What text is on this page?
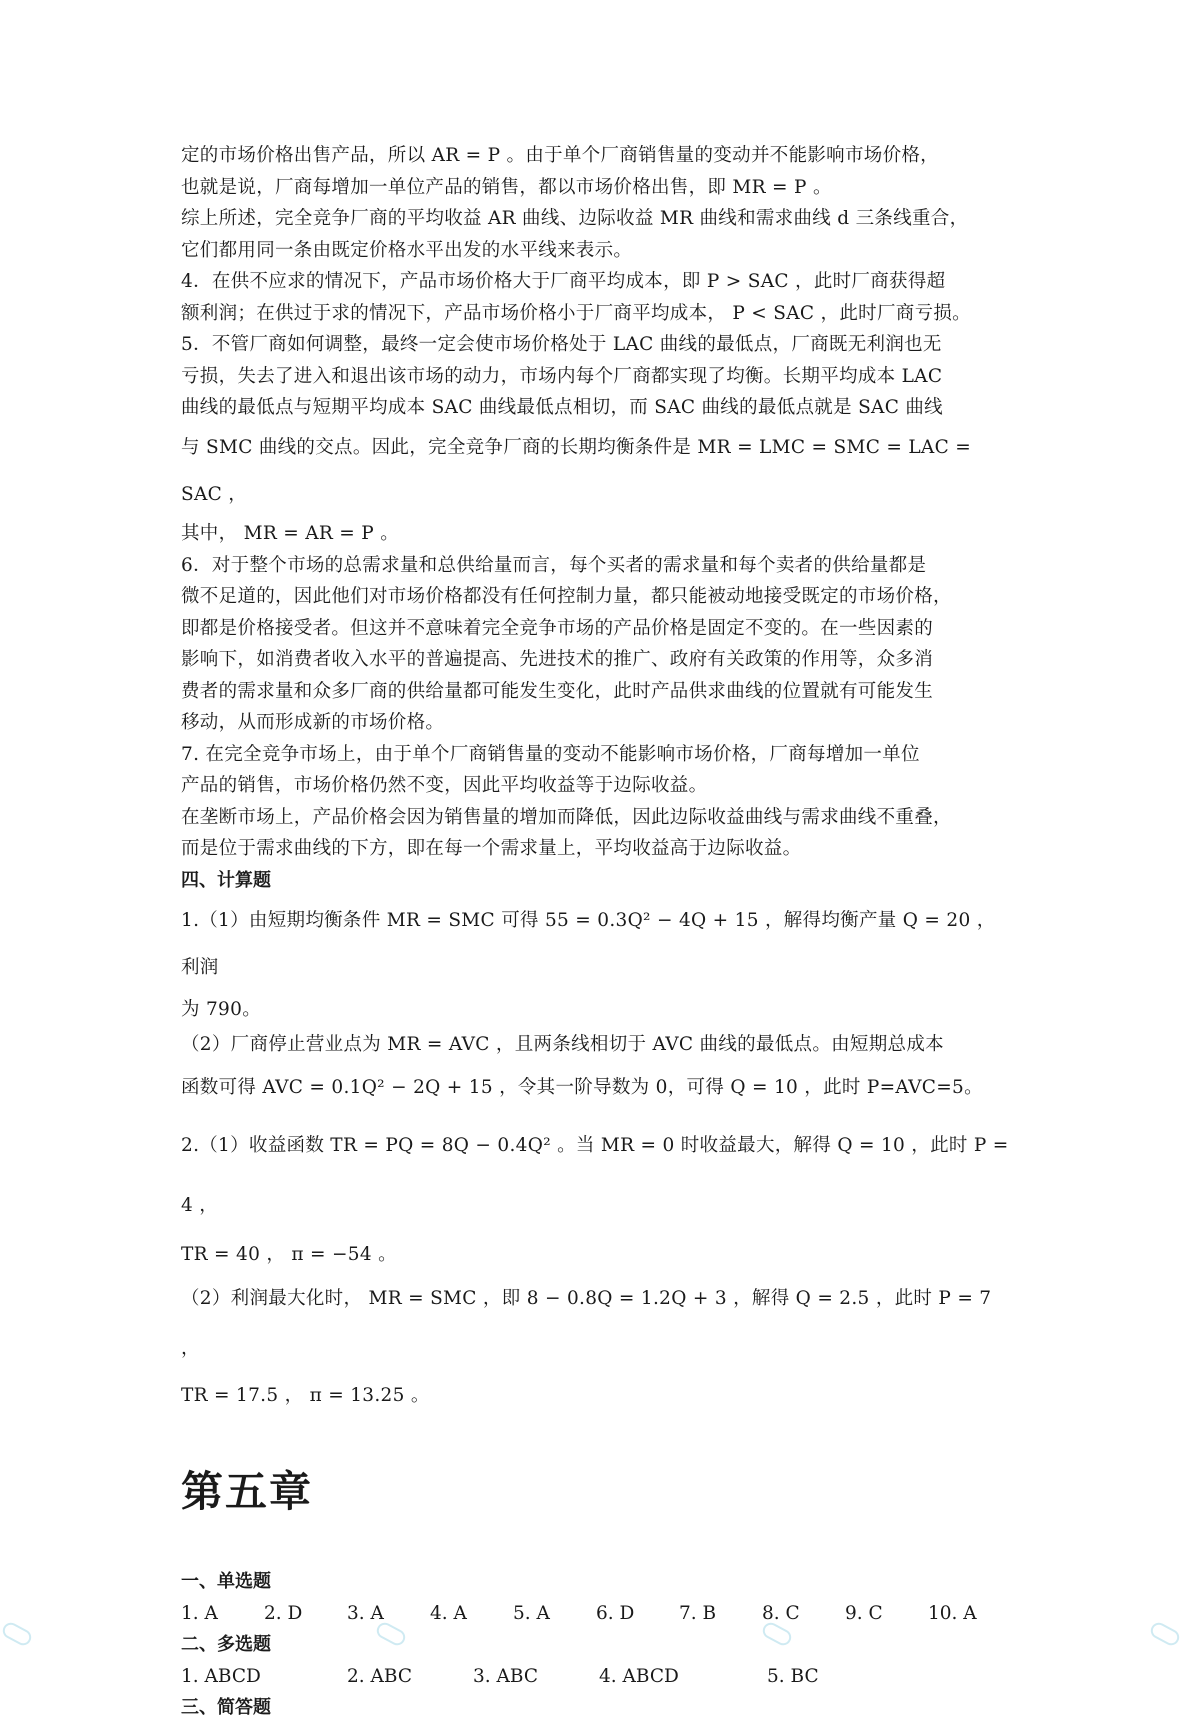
定的市场价格出售产品，所以 AR = P 。由于单个厂商销售量的变动并不能影响市场价格，

也就是说，厂商每增加一单位产品的销售，都以市场价格出售，即 MR = P 。

综上所述，完全竞争厂商的平均收益 AR 曲线、边际收益 MR 曲线和需求曲线 d 三条线重合，

它们都用同一条由既定价格水平出发的水平线来表示。

4．在供不应求的情况下，产品市场价格大于厂商平均成本，即 P > SAC ，此时厂商获得超

额利润；在供过于求的情况下，产品市场价格小于厂商平均成本， P < SAC ，此时厂商亏损。

5．不管厂商如何调整，最终一定会使市场价格处于 LAC 曲线的最低点，厂商既无利润也无

亏损，失去了进入和退出该市场的动力，市场内每个厂商都实现了均衡。长期平均成本 LAC

曲线的最低点与短期平均成本 SAC 曲线最低点相切，而 SAC 曲线的最低点就是 SAC 曲线

与 SMC 曲线的交点。因此，完全竞争厂商的长期均衡条件是 MR = LMC = SMC = LAC = SAC ，

其中， MR = AR = P 。

6．对于整个市场的总需求量和总供给量而言，每个买者的需求量和每个卖者的供给量都是

微不足道的，因此他们对市场价格都没有任何控制力量，都只能被动地接受既定的市场价格，

即都是价格接受者。但这并不意味着完全竞争市场的产品价格是固定不变的。在一些因素的

影响下，如消费者收入水平的普遍提高、先进技术的推广、政府有关政策的作用等，众多消

费者的需求量和众多厂商的供给量都可能发生变化，此时产品供求曲线的位置就有可能发生

移动，从而形成新的市场价格。

7. 在完全竞争市场上，由于单个厂商销售量的变动不能影响市场价格，厂商每增加一单位

产品的销售，市场价格仍然不变，因此平均收益等于边际收益。

在垄断市场上，产品价格会因为销售量的增加而降低，因此边际收益曲线与需求曲线不重叠，

而是位于需求曲线的下方，即在每一个需求量上，平均收益高于边际收益。

四、计算题

1.（1）由短期均衡条件 MR = SMC 可得 55 = 0.3Q² − 4Q + 15 ，解得均衡产量 Q = 20 ，利润

为 790。

（2）厂商停止营业点为 MR = AVC ，且两条线相切于 AVC 曲线的最低点。由短期总成本

函数可得 AVC = 0.1Q² − 2Q + 15 ，令其一阶导数为 0，可得 Q = 10 ，此时 P=AVC=5。

2.（1）收益函数 TR = PQ = 8Q − 0.4Q² 。当 MR = 0 时收益最大，解得 Q = 10 ，此时 P = 4 ，

TR = 40 ， π = −54 。

（2）利润最大化时， MR = SMC ，即 8 − 0.8Q = 1.2Q + 3 ，解得 Q = 2.5 ，此时 P = 7 ，

TR = 17.5 ， π = 13.25 。

第五章

一、单选题

1. A	2. D	3. A	4. A	5. A	6. D	7. B	8. C	9. C	10. A

二、多选题

1. ABCD	2. ABC	3. ABC	4. ABCD	5. BC

三、简答题
